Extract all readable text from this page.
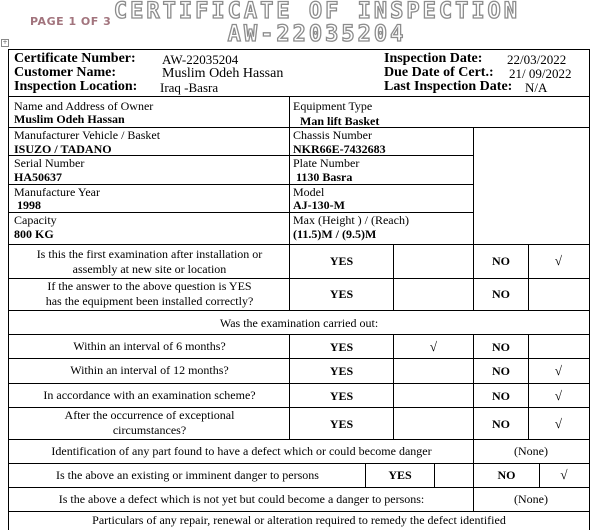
PAGE 1 OF 3 CERTIFICATE OF INSPECTION
AW-22035204
+
Certificate Number: AW-22035204
Customer Name:	Muslim Odeh Hassan
Inspection Location: Iraq -Basra
Inspection Date: 22/03/2022
Due Date of Cert.: 21/ 09/2022
Last Inspection Date: N/A
Name and Address of Owner
Muslim Odeh Hassan
Equipment Type
Man lift Basket
Manufacturer Vehicle / Basket
ISUZO / TADANO
Chassis Number
NKR66E-7432683
Serial Number
HA50637
Plate Number
1130 Basra
Manufacture Year
1998
Model
AJ-130-M
Capacity
800 KG
Max (Height ) / (Reach)
(11.5)M / (9.5)M
Is this the first examination after installation or
assembly at new site or location
YES	NO	√
If the answer to the above question is YES
has the equipment been installed correctly?	YES	NO
Was the examination carried out:
Within an interval of 6 months?	YES	√	NO
Within an interval of 12 months?	YES	NO	√
In accordance with an examination scheme?	YES	NO	√
After the occurrence of exceptional
circumstances?	YES	NO	√
Identification of any part found to have a defect which or could become danger	(None)
Is the above an existing or imminent danger to persons	YES	NO	√
Is the above a defect which is not yet but could become a danger to persons:	(None)
Particulars of any repair, renewal or alteration required to remedy the defect identified
